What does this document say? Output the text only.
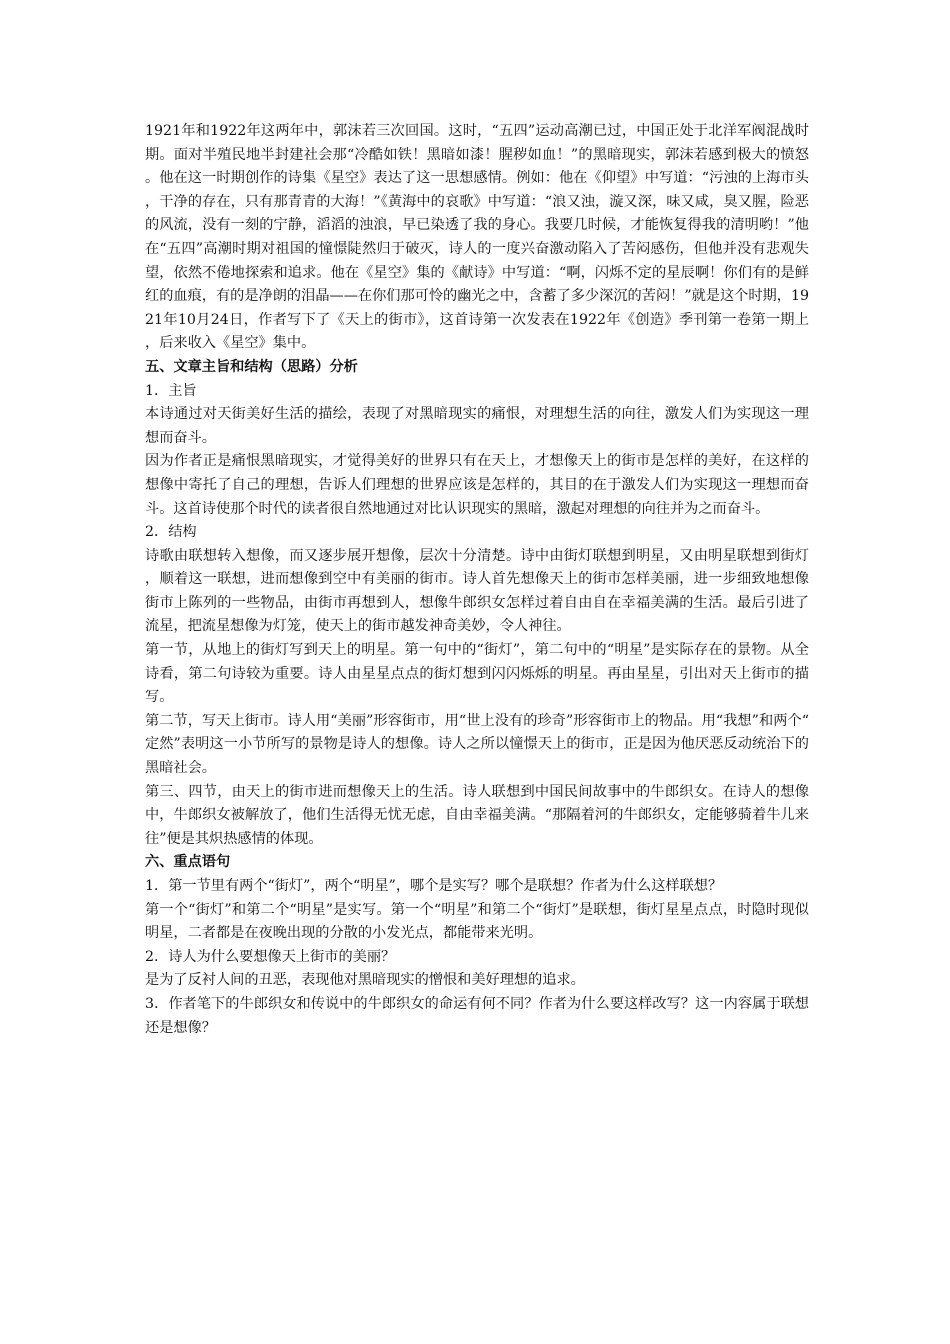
1921年和1922年这两年中，郭沫若三次回国。这时，“五四”运动高潮已过，中国正处于北洋军阀混战时期。面对半殖民地半封建社会那“冷酷如铁！黑暗如漆！腥秽如血！”的黑暗现实，郭沫若感到极大的愤怒。他在这一时期创作的诗集《星空》表达了这一思想感情。例如：他在《仰望》中写道：“污浊的上海市头，干净的存在，只有那青青的大海！”《黄海中的哀歌》中写道：“浪又浊，漩又深，味又咸，臭又腥，险恶的风流，没有一刻的宁静，滔滔的浊浪，早已染透了我的身心。我要几时候，才能恢复得我的清明哟！”他在“五四”高潮时期对祖国的憧憬陡然归于破灭，诗人的一度兴奋激动陷入了苦闷感伤，但他并没有悲观失望，依然不倦地探索和追求。他在《星空》集的《献诗》中写道：“啊，闪烁不定的星辰啊！你们有的是鲜红的血痕，有的是净朗的泪晶——在你们那可怜的幽光之中，含蓄了多少深沉的苦闷！”就是这个时期，1921年10月24日，作者写下了《天上的街市》，这首诗第一次发表在1922年《创造》季刊第一卷第一期上，后来收入《星空》集中。

五、文章主旨和结构（思路）分析

1．主旨

本诗通过对天街美好生活的描绘，表现了对黑暗现实的痛恨，对理想生活的向往，激发人们为实现这一理想而奋斗。

因为作者正是痛恨黑暗现实，才觉得美好的世界只有在天上，才想像天上的街市是怎样的美好，在这样的想像中寄托了自己的理想，告诉人们理想的世界应该是怎样的，其目的在于激发人们为实现这一理想而奋斗。这首诗使那个时代的读者很自然地通过对比认识现实的黑暗，激起对理想的向往并为之而奋斗。

2．结构

诗歌由联想转入想像，而又逐步展开想像，层次十分清楚。诗中由街灯联想到明星，又由明星联想到街灯，顺着这一联想，进而想像到空中有美丽的街市。诗人首先想像天上的街市怎样美丽，进一步细致地想像街市上陈列的一些物品，由街市再想到人，想像牛郎织女怎样过着自由自在幸福美满的生活。最后引进了流星，把流星想像为灯笼，使天上的街市越发神奇美妙，令人神往。

第一节，从地上的街灯写到天上的明星。第一句中的“街灯”，第二句中的“明星”是实际存在的景物。从全诗看，第二句诗较为重要。诗人由星星点点的街灯想到闪闪烁烁的明星。再由星星，引出对天上街市的描写。

第二节，写天上街市。诗人用“美丽”形容街市，用“世上没有的珍奇”形容街市上的物品。用“我想”和两个“定然”表明这一小节所写的景物是诗人的想像。诗人之所以憧憬天上的街市，正是因为他厌恶反动统治下的黑暗社会。

第三、四节，由天上的街市进而想像天上的生活。诗人联想到中国民间故事中的牛郎织女。在诗人的想像中，牛郎织女被解放了，他们生活得无忧无虑，自由幸福美满。“那隔着河的牛郎织女，定能够骑着牛儿来往”便是其炽热感情的体现。

六、重点语句

1．第一节里有两个“街灯”，两个“明星”，哪个是实写？哪个是联想？作者为什么这样联想？

第一个“街灯”和第二个“明星”是实写。第一个“明星”和第二个“街灯”是联想，街灯星星点点，时隐时现似明星，二者都是在夜晚出现的分散的小发光点，都能带来光明。

2．诗人为什么要想像天上街市的美丽？

是为了反衬人间的丑恶，表现他对黑暗现实的憎恨和美好理想的追求。

3．作者笔下的牛郎织女和传说中的牛郎织女的命运有何不同？作者为什么要这样改写？这一内容属于联想还是想像？
